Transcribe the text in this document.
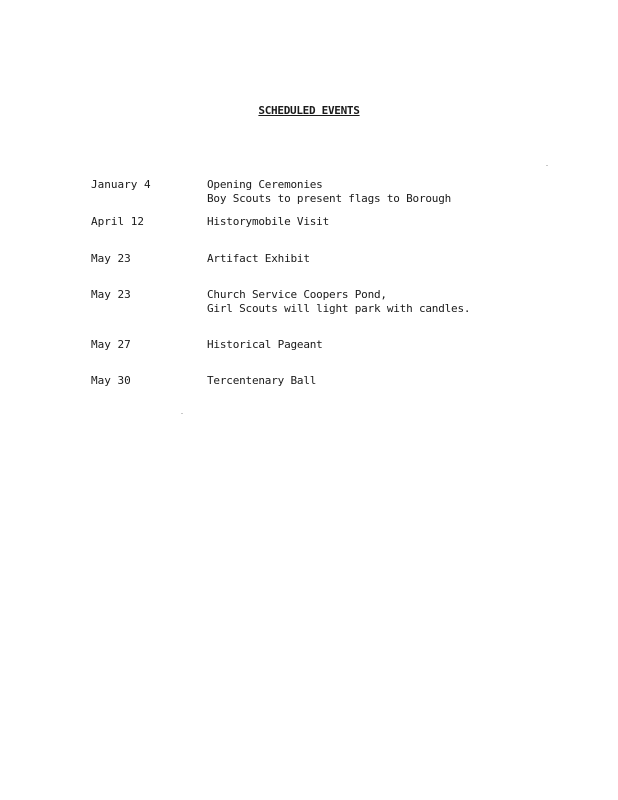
SCHEDULED EVENTS
January 4	Opening Ceremonies
Boy Scouts to present flags to Borough
April 12	Historymobile Visit
May 23	Artifact Exhibit
May 23	Church Service Coopers Pond,
Girl Scouts will light park with candles.
May 27	Historical Pageant
May 30	Tercentenary Ball
